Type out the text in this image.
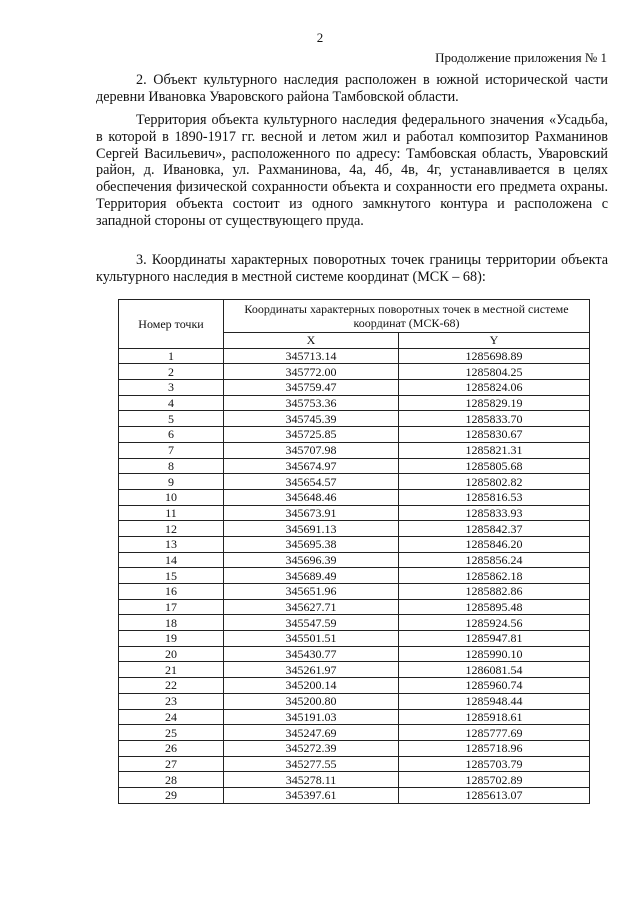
2
Продолжение приложения № 1

2. Объект культурного наследия расположен в южной исторической части деревни Ивановка Уваровского района Тамбовской области.

Территория объекта культурного наследия федерального значения «Усадьба, в которой в 1890-1917 гг. весной и летом жил и работал композитор Рахманинов Сергей Васильевич», расположенного по адресу: Тамбовская область, Уваровский район, д. Ивановка, ул. Рахманинова, 4а, 4б, 4в, 4г, устанавливается в целях обеспечения физической сохранности объекта и сохранности его предмета охраны. Территория объекта состоит из одного замкнутого контура и расположена с западной стороны от существующего пруда.

3. Координаты характерных поворотных точек границы территории объекта культурного наследия в местной системе координат (МСК – 68):

Номер точки	Координаты характерных поворотных точек в местной системе координат (МСК-68)	
	X	Y
1	345713.14	1285698.89
2	345772.00	1285804.25
3	345759.47	1285824.06
4	345753.36	1285829.19
5	345745.39	1285833.70
6	345725.85	1285830.67
7	345707.98	1285821.31
8	345674.97	1285805.68
9	345654.57	1285802.82
10	345648.46	1285816.53
11	345673.91	1285833.93
12	345691.13	1285842.37
13	345695.38	1285846.20
14	345696.39	1285856.24
15	345689.49	1285862.18
16	345651.96	1285882.86
17	345627.71	1285895.48
18	345547.59	1285924.56
19	345501.51	1285947.81
20	345430.77	1285990.10
21	345261.97	1286081.54
22	345200.14	1285960.74
23	345200.80	1285948.44
24	345191.03	1285918.61
25	345247.69	1285777.69
26	345272.39	1285718.96
27	345277.55	1285703.79
28	345278.11	1285702.89
29	345397.61	1285613.07
